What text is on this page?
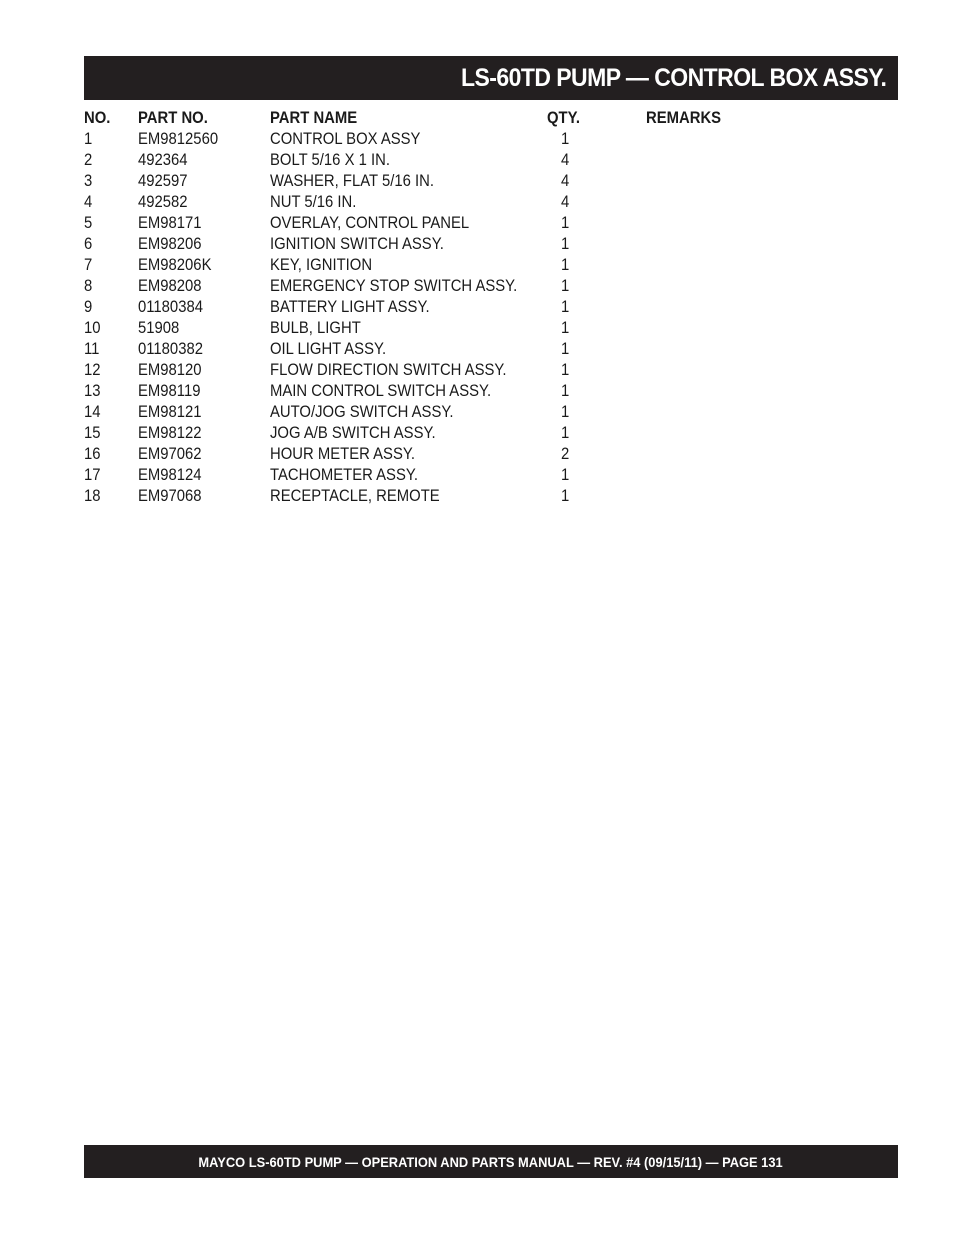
LS-60TD PUMP — CONTROL BOX ASSY.
NO.	PART NO.	PART NAME	QTY.	REMARKS
1	EM9812560	CONTROL BOX ASSY	1	
2	492364	BOLT 5/16 X 1 IN.	4	
3	492597	WASHER, FLAT 5/16 IN.	4	
4	492582	NUT 5/16 IN.	4	
5	EM98171	OVERLAY, CONTROL PANEL	1	
6	EM98206	IGNITION SWITCH ASSY.	1	
7	EM98206K	KEY, IGNITION	1	
8	EM98208	EMERGENCY STOP SWITCH ASSY.	1	
9	01180384	BATTERY LIGHT ASSY.	1	
10	51908	BULB, LIGHT	1	
11	01180382	OIL LIGHT ASSY.	1	
12	EM98120	FLOW DIRECTION SWITCH ASSY.	1	
13	EM98119	MAIN CONTROL SWITCH ASSY.	1	
14	EM98121	AUTO/JOG SWITCH ASSY.	1	
15	EM98122	JOG A/B SWITCH ASSY.	1	
16	EM97062	HOUR METER ASSY.	2	
17	EM98124	TACHOMETER ASSY.	1	
18	EM97068	RECEPTACLE, REMOTE	1	
MAYCO LS-60TD PUMP — OPERATION AND PARTS MANUAL — REV. #4 (09/15/11) — PAGE 131
